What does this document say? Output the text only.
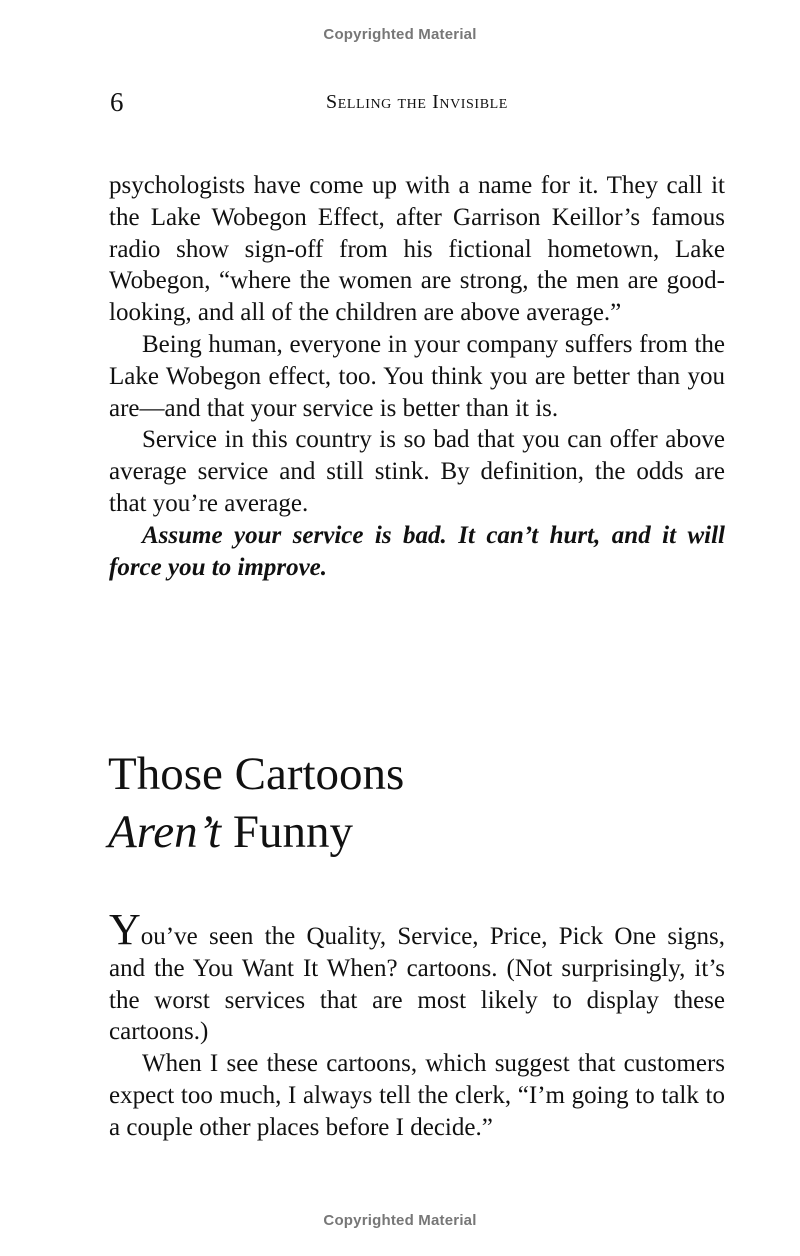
Copyrighted Material
6	Selling the Invisible

psychologists have come up with a name for it. They call it the Lake Wobegon Effect, after Garrison Keillor’s famous radio show sign-off from his fictional hometown, Lake Wobegon, “where the women are strong, the men are good-looking, and all of the children are above average.”

Being human, everyone in your company suffers from the Lake Wobegon effect, too. You think you are better than you are—and that your service is better than it is.

Service in this country is so bad that you can offer above average service and still stink. By definition, the odds are that you’re average.

Assume your service is bad. It can’t hurt, and it will force you to improve.

Those Cartoons
Aren’t Funny

You’ve seen the Quality, Service, Price, Pick One signs, and the You Want It When? cartoons. (Not surprisingly, it’s the worst services that are most likely to display these cartoons.)

When I see these cartoons, which suggest that customers expect too much, I always tell the clerk, “I’m going to talk to a couple other places before I decide.”

Copyrighted Material
